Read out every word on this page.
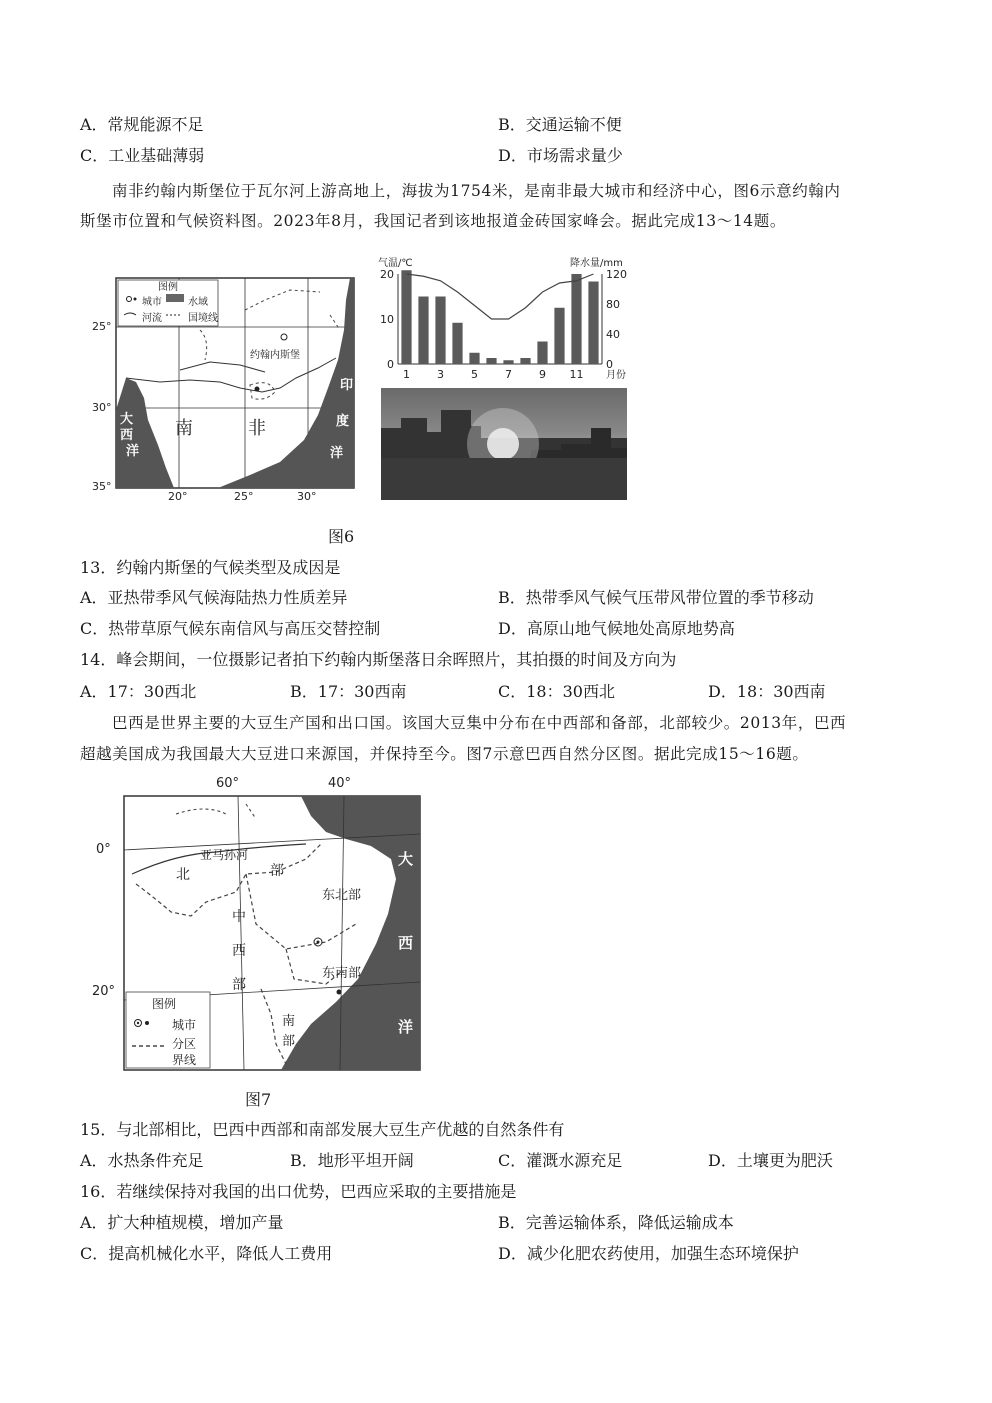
A．常规能源不足	B．交通运输不便
C．工业基础薄弱	D．市场需求量少
南非约翰内斯堡位于瓦尔河上游高地上，海拔为1754米，是南非最大城市和经济中心，图6示意约翰内
斯堡市位置和气候资料图。2023年8月，我国记者到该地报道金砖国家峰会。据此完成13～14题。
图例
城市	水域
河流	国境线
约翰内斯堡
南	非
大
西
洋
印
度
洋
25°
30°
35°
20°	25°	30°
20
10
0
120
80
40
0
1 3 5 7 9 11 月份
气温/℃	降水量/mm
图6
13．约翰内斯堡的气候类型及成因是
A．亚热带季风气候海陆热力性质差异	B．热带季风气候气压带风带位置的季节移动
C．热带草原气候东南信风与高压交替控制	D．高原山地气候地处高原地势高
14．峰会期间，一位摄影记者拍下约翰内斯堡落日余晖照片，其拍摄的时间及方向为
A．17：30西北	B．17：30西南	C．18：30西北	D．18：30西南
巴西是世界主要的大豆生产国和出口国。该国大豆集中分布在中西部和备部，北部较少。2013年，巴西
超越美国成为我国最大大豆进口来源国，并保持至今。图7示意巴西自然分区图。据此完成15～16题。
60°	40°
0°
20°
亚马孙河
北	部
东北部
中
西
部
东南部
南
部
大
西
洋
图例
城市
分区
界线
图7
15．与北部相比，巴西中西部和南部发展大豆生产优越的自然条件有
A．水热条件充足	B．地形平坦开阔	C．灌溉水源充足	D．土壤更为肥沃
16．若继续保持对我国的出口优势，巴西应采取的主要措施是
A．扩大种植规模，增加产量	B．完善运输体系，降低运输成本
C．提高机械化水平，降低人工费用	D．减少化肥农药使用，加强生态环境保护
